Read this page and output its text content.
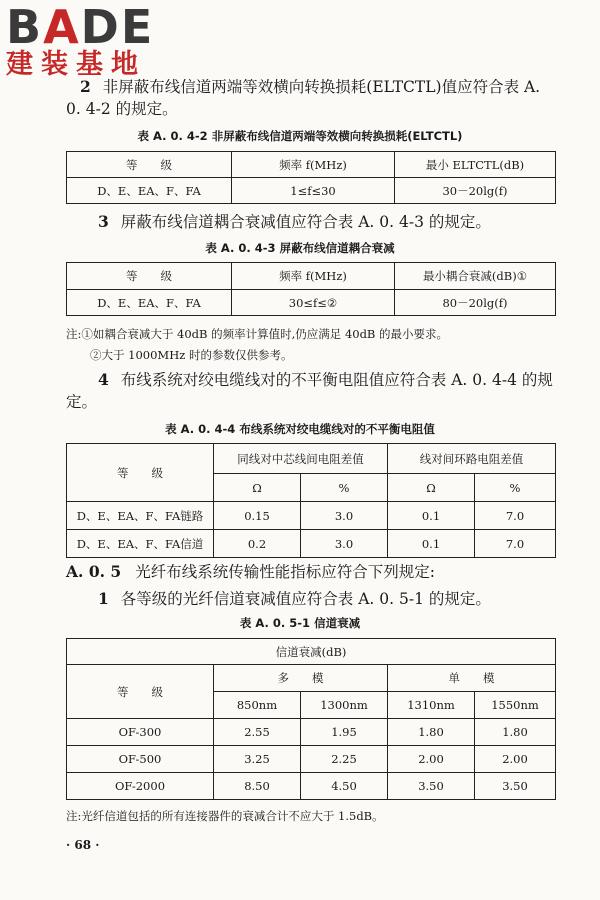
BADE
建装基地
2 非屏蔽布线信道两端等效横向转换损耗(ELTCTL)值应符合表 A. 0. 4-2 的规定。
表 A. 0. 4-2 非屏蔽布线信道两端等效横向转换损耗(ELTCTL)
等　　级	频率 f(MHz)	最小 ELTCTL(dB)
D、E、EA、F、FA	1≤f≤30	30－20lg(f)
3 屏蔽布线信道耦合衰减值应符合表 A. 0. 4-3 的规定。
表 A. 0. 4-3 屏蔽布线信道耦合衰减
等　　级	频率 f(MHz)	最小耦合衰减(dB)①
D、E、EA、F、FA	30≤f≤②	80－20lg(f)
注:①如耦合衰减大于 40dB 的频率计算值时,仍应满足 40dB 的最小要求。
②大于 1000MHz 时的参数仅供参考。
4 布线系统对绞电缆线对的不平衡电阻值应符合表 A. 0. 4-4 的规定。
表 A. 0. 4-4 布线系统对绞电缆线对的不平衡电阻值
等　　级	同线对中芯线间电阻差值		线对间环路电阻差值	
	Ω	%	Ω	%
D、E、EA、F、FA链路	0.15	3.0	0.1	7.0
D、E、EA、F、FA信道	0.2	3.0	0.1	7.0
A. 0. 5 光纤布线系统传输性能指标应符合下列规定:
1 各等级的光纤信道衰减值应符合表 A. 0. 5-1 的规定。
表 A. 0. 5-1 信道衰减
信道衰减(dB)				
等　　级	多　　模		单　　模	
	850nm	1300nm	1310nm	1550nm
OF-300	2.55	1.95	1.80	1.80
OF-500	3.25	2.25	2.00	2.00
OF-2000	8.50	4.50	3.50	3.50
注:光纤信道包括的所有连接器件的衰减合计不应大于 1.5dB。
· 68 ·
